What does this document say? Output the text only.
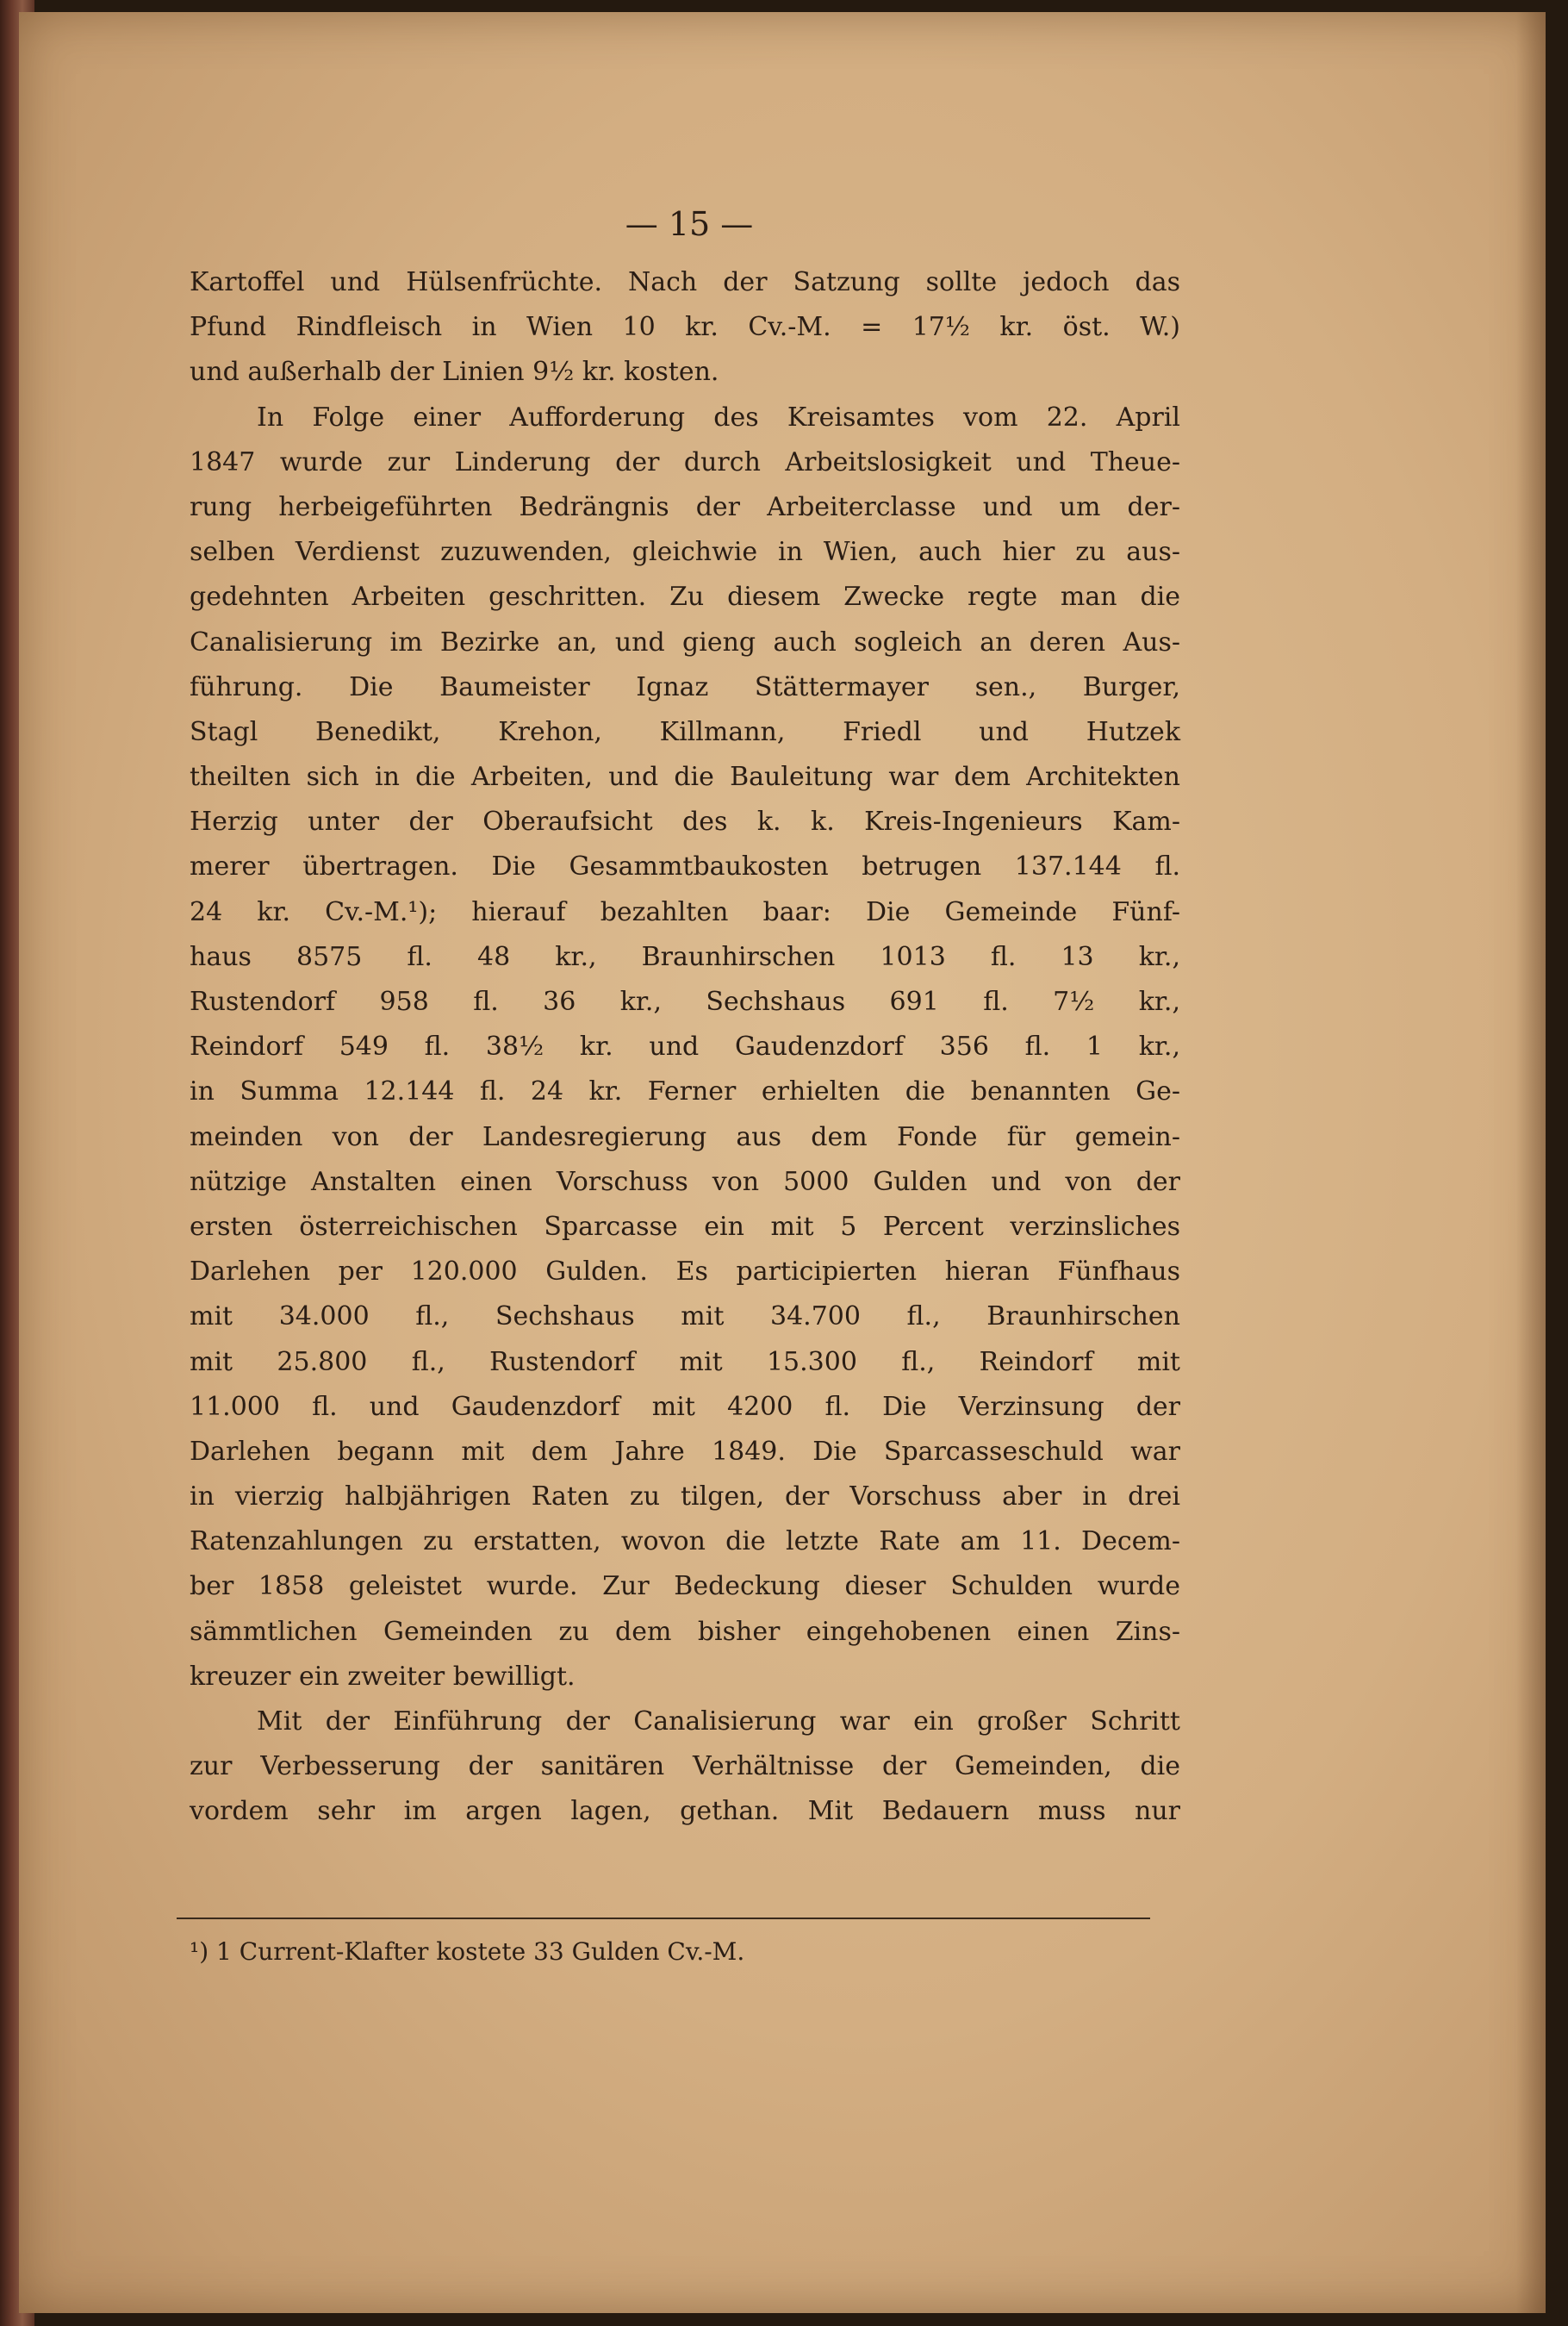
— 15 —
Kartoffel und Hülsenfrüchte. Nach der Satzung sollte jedoch das
Pfund Rindfleisch in Wien 10 kr. Cv.-M. = 17½ kr. öst. W.)
und außerhalb der Linien 9½ kr. kosten.
In Folge einer Aufforderung des Kreisamtes vom 22. April
1847 wurde zur Linderung der durch Arbeitslosigkeit und Theue-
rung herbeigeführten Bedrängnis der Arbeiterclasse und um der-
selben Verdienst zuzuwenden, gleichwie in Wien, auch hier zu aus-
gedehnten Arbeiten geschritten. Zu diesem Zwecke regte man die
Canalisierung im Bezirke an, und gieng auch sogleich an deren Aus-
führung. Die Baumeister Ignaz Stättermayer sen., Burger,
Stagl Benedikt, Krehon, Killmann, Friedl und Hutzek
theilten sich in die Arbeiten, und die Bauleitung war dem Architekten
Herzig unter der Oberaufsicht des k. k. Kreis-Ingenieurs Kam-
merer übertragen. Die Gesammtbaukosten betrugen 137.144 fl.
24 kr. Cv.-M.¹); hierauf bezahlten baar: Die Gemeinde Fünf-
haus 8575 fl. 48 kr., Braunhirschen 1013 fl. 13 kr.,
Rustendorf 958 fl. 36 kr., Sechshaus 691 fl. 7½ kr.,
Reindorf 549 fl. 38½ kr. und Gaudenzdorf 356 fl. 1 kr.,
in Summa 12.144 fl. 24 kr. Ferner erhielten die benannten Ge-
meinden von der Landesregierung aus dem Fonde für gemein-
nützige Anstalten einen Vorschuss von 5000 Gulden und von der
ersten österreichischen Sparcasse ein mit 5 Percent verzinsliches
Darlehen per 120.000 Gulden. Es participierten hieran Fünfhaus
mit 34.000 fl., Sechshaus mit 34.700 fl., Braunhirschen
mit 25.800 fl., Rustendorf mit 15.300 fl., Reindorf mit
11.000 fl. und Gaudenzdorf mit 4200 fl. Die Verzinsung der
Darlehen begann mit dem Jahre 1849. Die Sparcasseschuld war
in vierzig halbjährigen Raten zu tilgen, der Vorschuss aber in drei
Ratenzahlungen zu erstatten, wovon die letzte Rate am 11. Decem-
ber 1858 geleistet wurde. Zur Bedeckung dieser Schulden wurde
sämmtlichen Gemeinden zu dem bisher eingehobenen einen Zins-
kreuzer ein zweiter bewilligt.
Mit der Einführung der Canalisierung war ein großer Schritt
zur Verbesserung der sanitären Verhältnisse der Gemeinden, die
vordem sehr im argen lagen, gethan. Mit Bedauern muss nur
¹) 1 Current-Klafter kostete 33 Gulden Cv.-M.
